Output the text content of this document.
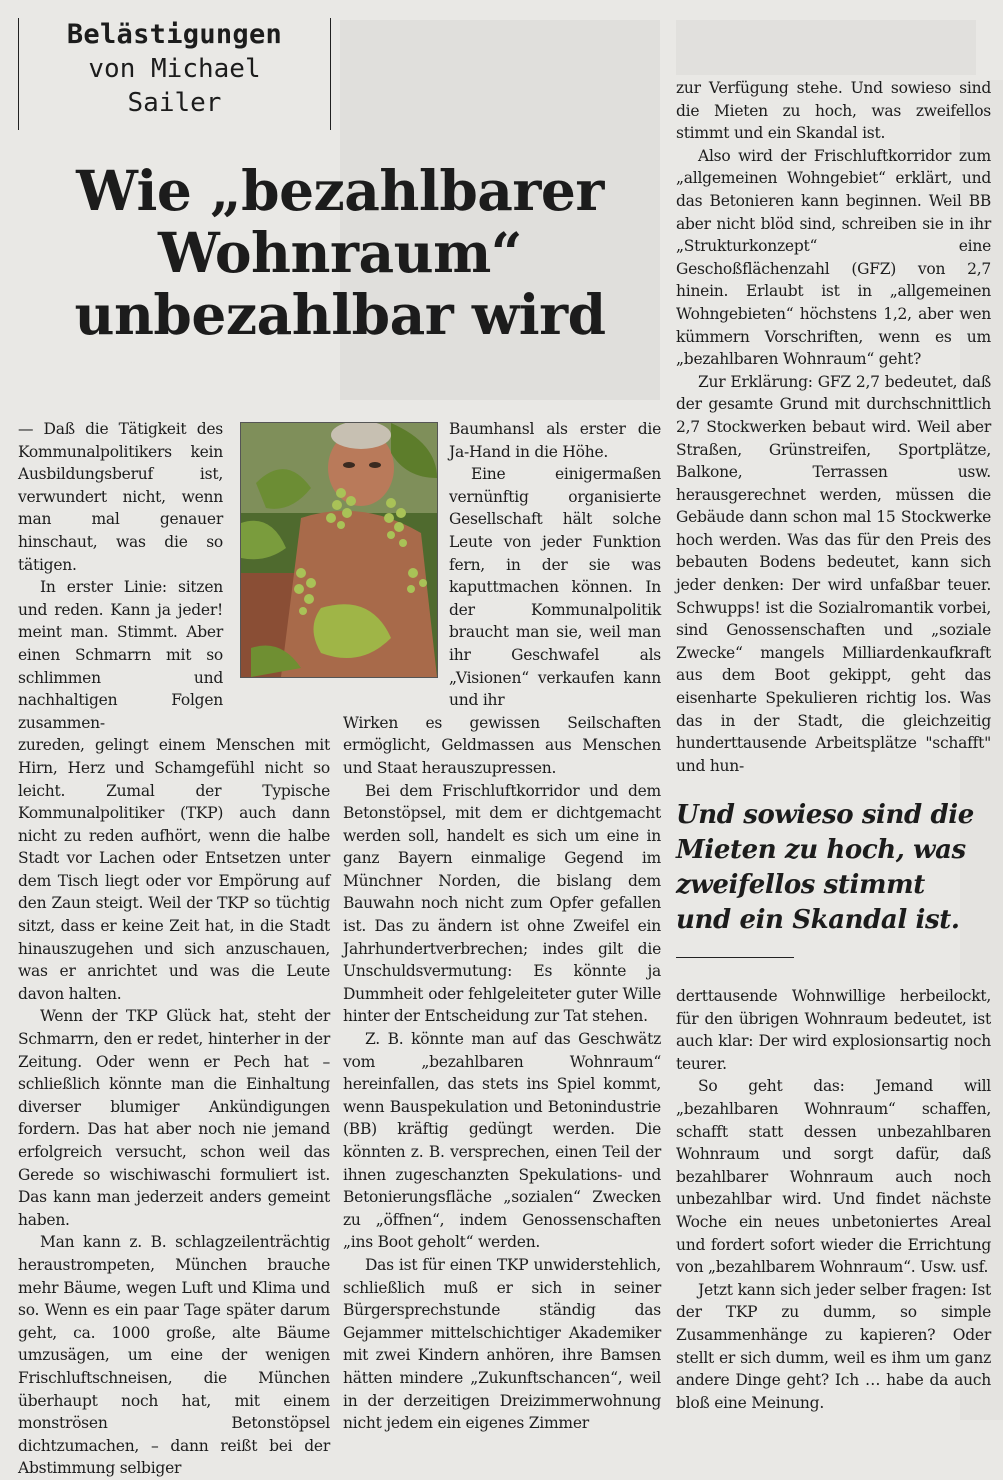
Belästigungen
von Michael
Sailer
Wie „bezahlbarer
Wohnraum“
unbezahlbar wird

— Daß die Tätigkeit des Kommunalpolitikers kein Ausbildungsberuf ist, verwundert nicht, wenn man mal genauer hinschaut, was die so tätigen.

In erster Linie: sitzen und reden. Kann ja jeder! meint man. Stimmt. Aber einen Schmarrn mit so schlimmen und nachhaltigen Folgen zusammen-

zureden, gelingt einem Menschen mit Hirn, Herz und Schamgefühl nicht so leicht. Zumal der Typische Kommunalpolitiker (TKP) auch dann nicht zu reden aufhört, wenn die halbe Stadt vor Lachen oder Entsetzen unter dem Tisch liegt oder vor Empörung auf den Zaun steigt. Weil der TKP so tüchtig sitzt, dass er keine Zeit hat, in die Stadt hinauszugehen und sich anzuschauen, was er anrichtet und was die Leute davon halten.

Wenn der TKP Glück hat, steht der Schmarrn, den er redet, hinterher in der Zeitung. Oder wenn er Pech hat – schließlich könnte man die Einhaltung diverser blumiger Ankündigungen fordern. Das hat aber noch nie jemand erfolgreich versucht, schon weil das Gerede so wischiwaschi formuliert ist. Das kann man jederzeit anders gemeint haben.

Man kann z. B. schlagzeilenträchtig heraustrompeten, München brauche mehr Bäume, wegen Luft und Klima und so. Wenn es ein paar Tage später darum geht, ca. 1000 große, alte Bäume umzusägen, um eine der wenigen Frischluftschneisen, die München überhaupt noch hat, mit einem monströsen Betonstöpsel dichtzumachen, – dann reißt bei der Abstimmung selbiger

Baumhansl als erster die Ja-Hand in die Höhe.

Eine einigermaßen vernünftig organisierte Gesellschaft hält solche Leute von jeder Funktion fern, in der sie was kaputtmachen können. In der Kommunalpolitik braucht man sie, weil man ihr Geschwafel als „Visionen“ verkaufen kann und ihr

Wirken es gewissen Seilschaften ermöglicht, Geldmassen aus Menschen und Staat herauszupressen.

Bei dem Frischluftkorridor und dem Betonstöpsel, mit dem er dichtgemacht werden soll, handelt es sich um eine in ganz Bayern einmalige Gegend im Münchner Norden, die bislang dem Bauwahn noch nicht zum Opfer gefallen ist. Das zu ändern ist ohne Zweifel ein Jahrhundertverbrechen; indes gilt die Unschuldsvermutung: Es könnte ja Dummheit oder fehlgeleiteter guter Wille hinter der Entscheidung zur Tat stehen.

Z. B. könnte man auf das Geschwätz vom „bezahlbaren Wohnraum“ hereinfallen, das stets ins Spiel kommt, wenn Bauspekulation und Betonindustrie (BB) kräftig gedüngt werden. Die könnten z. B. versprechen, einen Teil der ihnen zugeschanzten Spekulations- und Betonierungsfläche „sozialen“ Zwecken zu „öffnen“, indem Genossenschaften „ins Boot geholt“ werden.

Das ist für einen TKP unwiderstehlich, schließlich muß er sich in seiner Bürgersprechstunde ständig das Gejammer mittelschichtiger Akademiker mit zwei Kindern anhören, ihre Bamsen hätten mindere „Zukunftschancen“, weil in der derzeitigen Dreizimmerwohnung nicht jedem ein eigenes Zimmer

zur Verfügung stehe. Und sowieso sind die Mieten zu hoch, was zweifellos stimmt und ein Skandal ist.

Also wird der Frischluftkorridor zum „allgemeinen Wohngebiet“ erklärt, und das Betonieren kann beginnen. Weil BB aber nicht blöd sind, schreiben sie in ihr „Strukturkonzept“ eine Geschoßflächenzahl (GFZ) von 2,7 hinein. Erlaubt ist in „allgemeinen Wohngebieten“ höchstens 1,2, aber wen kümmern Vorschriften, wenn es um „bezahlbaren Wohnraum“ geht?

Zur Erklärung: GFZ 2,7 bedeutet, daß der gesamte Grund mit durchschnittlich 2,7 Stockwerken bebaut wird. Weil aber Straßen, Grünstreifen, Sportplätze, Balkone, Terrassen usw. herausgerechnet werden, müssen die Gebäude dann schon mal 15 Stockwerke hoch werden. Was das für den Preis des bebauten Bodens bedeutet, kann sich jeder denken: Der wird unfaßbar teuer. Schwupps! ist die Sozialromantik vorbei, sind Genossenschaften und „soziale Zwecke“ mangels Milliardenkaufkraft aus dem Boot gekippt, geht das eisenharte Spekulieren richtig los. Was das in der Stadt, die gleichzeitig hunderttausende Arbeitsplätze "schafft" und hun-

Und sowieso sind die
Mieten zu hoch, was
zweifellos stimmt
und ein Skandal ist.

derttausende Wohnwillige herbeilockt, für den übrigen Wohnraum bedeutet, ist auch klar: Der wird explosionsartig noch teurer.

So geht das: Jemand will „bezahlbaren Wohnraum“ schaffen, schafft statt dessen unbezahlbaren Wohnraum und sorgt dafür, daß bezahlbarer Wohnraum auch noch unbezahlbar wird. Und findet nächste Woche ein neues unbetoniertes Areal und fordert sofort wieder die Errichtung von „bezahlbarem Wohnraum“. Usw. usf.

Jetzt kann sich jeder selber fragen: Ist der TKP zu dumm, so simple Zusammenhänge zu kapieren? Oder stellt er sich dumm, weil es ihm um ganz andere Dinge geht? Ich … habe da auch bloß eine Meinung.
